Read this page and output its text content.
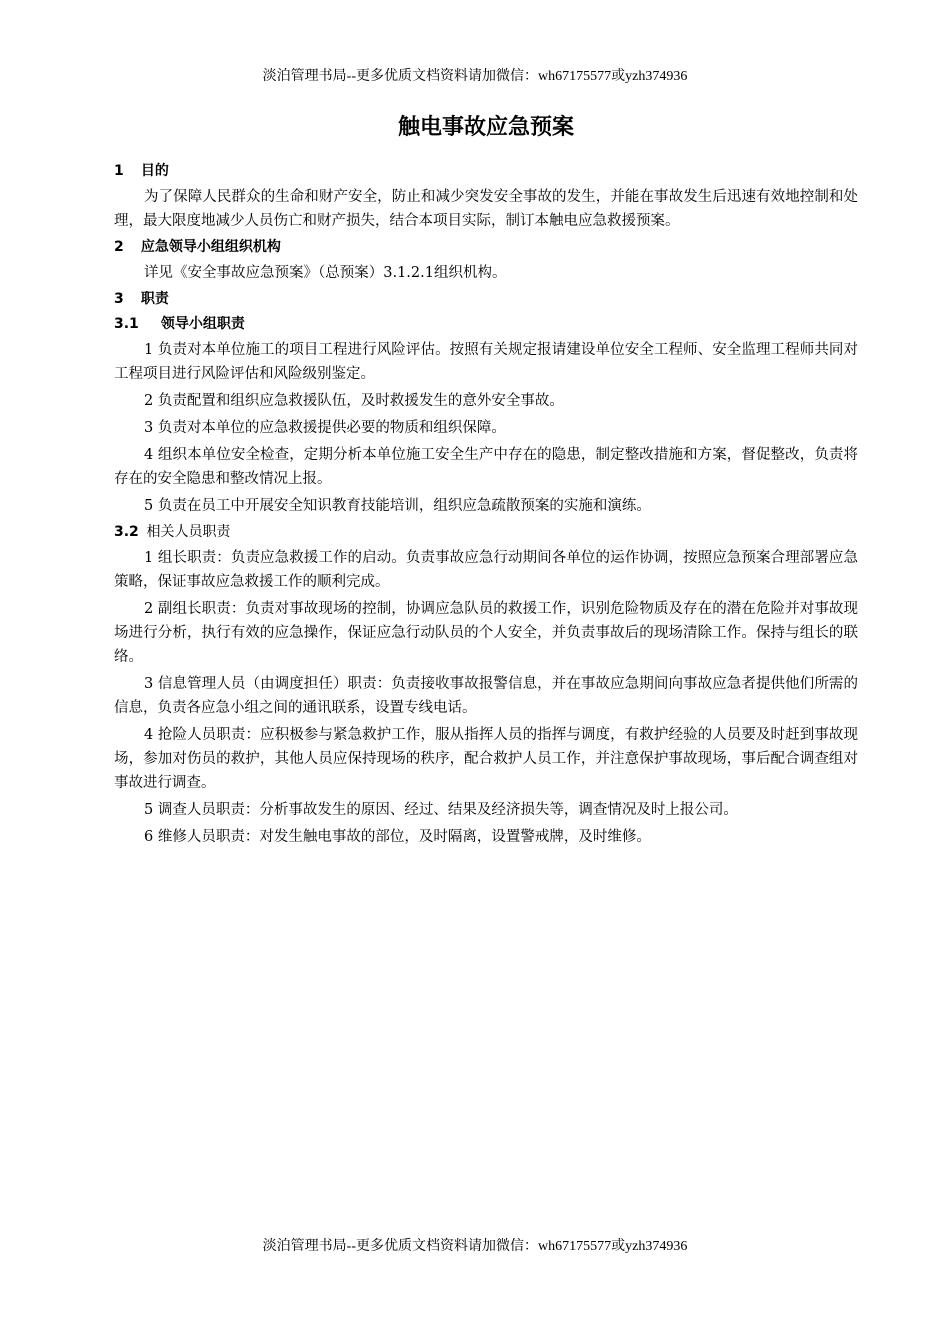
淡泊管理书局--更多优质文档资料请加微信：wh67175577或yzh374936
触电事故应急预案
1 目的

为了保障人民群众的生命和财产安全，防止和减少突发安全事故的发生，并能在事故发生后迅速有效地控制和处理，最大限度地减少人员伤亡和财产损失，结合本项目实际，制订本触电应急救援预案。

2 应急领导小组组织机构

详见《安全事故应急预案》（总预案）3.1.2.1组织机构。

3 职责
3.1 领导小组职责

1 负责对本单位施工的项目工程进行风险评估。按照有关规定报请建设单位安全工程师、安全监理工程师共同对工程项目进行风险评估和风险级别鉴定。

2 负责配置和组织应急救援队伍，及时救援发生的意外安全事故。

3 负责对本单位的应急救援提供必要的物质和组织保障。

4 组织本单位安全检查，定期分析本单位施工安全生产中存在的隐患，制定整改措施和方案，督促整改，负责将存在的安全隐患和整改情况上报。

5 负责在员工中开展安全知识教育技能培训，组织应急疏散预案的实施和演练。

3.2 相关人员职责

1 组长职责：负责应急救援工作的启动。负责事故应急行动期间各单位的运作协调，按照应急预案合理部署应急策略，保证事故应急救援工作的顺利完成。

2 副组长职责：负责对事故现场的控制，协调应急队员的救援工作，识别危险物质及存在的潜在危险并对事故现场进行分析，执行有效的应急操作，保证应急行动队员的个人安全，并负责事故后的现场清除工作。保持与组长的联络。

3 信息管理人员（由调度担任）职责：负责接收事故报警信息，并在事故应急期间向事故应急者提供他们所需的信息，负责各应急小组之间的通讯联系，设置专线电话。

4 抢险人员职责：应积极参与紧急救护工作，服从指挥人员的指挥与调度，有救护经验的人员要及时赶到事故现场，参加对伤员的救护，其他人员应保持现场的秩序，配合救护人员工作，并注意保护事故现场，事后配合调查组对事故进行调查。

5 调查人员职责：分析事故发生的原因、经过、结果及经济损失等，调查情况及时上报公司。

6 维修人员职责：对发生触电事故的部位，及时隔离，设置警戒牌，及时维修。

淡泊管理书局--更多优质文档资料请加微信：wh67175577或yzh374936
